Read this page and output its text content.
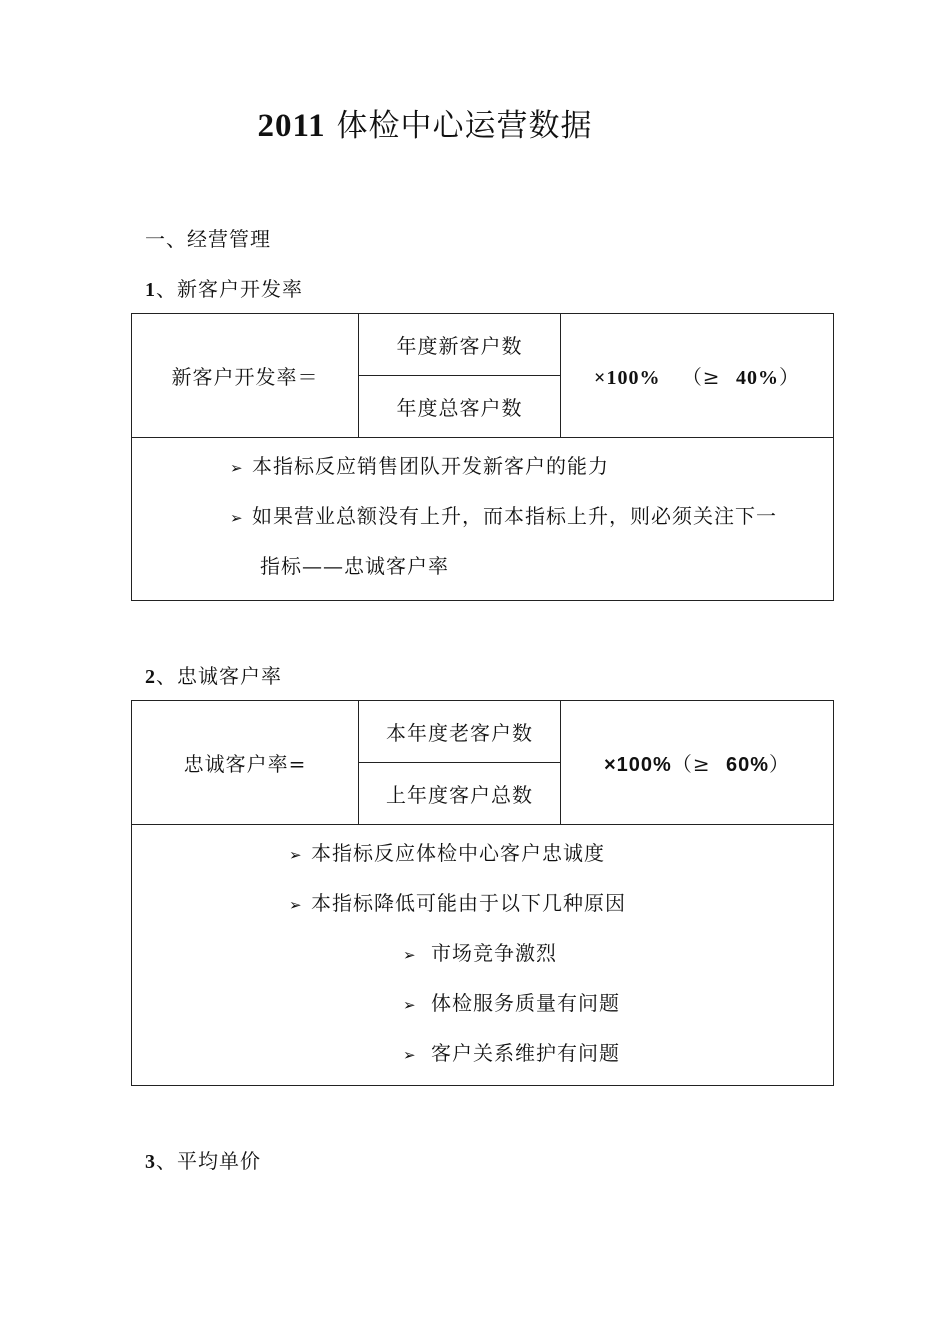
2011 体检中心运营数据
一、经营管理
1、新客户开发率
新客户开发率＝	年度新客户数	×100% （≥ 40%）
年度总客户数

➢ 本指标反应销售团队开发新客户的能力
➢ 如果营业总额没有上升，而本指标上升，则必须关注下一
指标——忠诚客户率
2、忠诚客户率
忠诚客户率=	本年度老客户数	×100%（≥ 60%）
上年度客户总数

➢ 本指标反应体检中心客户忠诚度
➢ 本指标降低可能由于以下几种原因
➢ 市场竞争激烈
➢ 体检服务质量有问题
➢ 客户关系维护有问题
3、平均单价
